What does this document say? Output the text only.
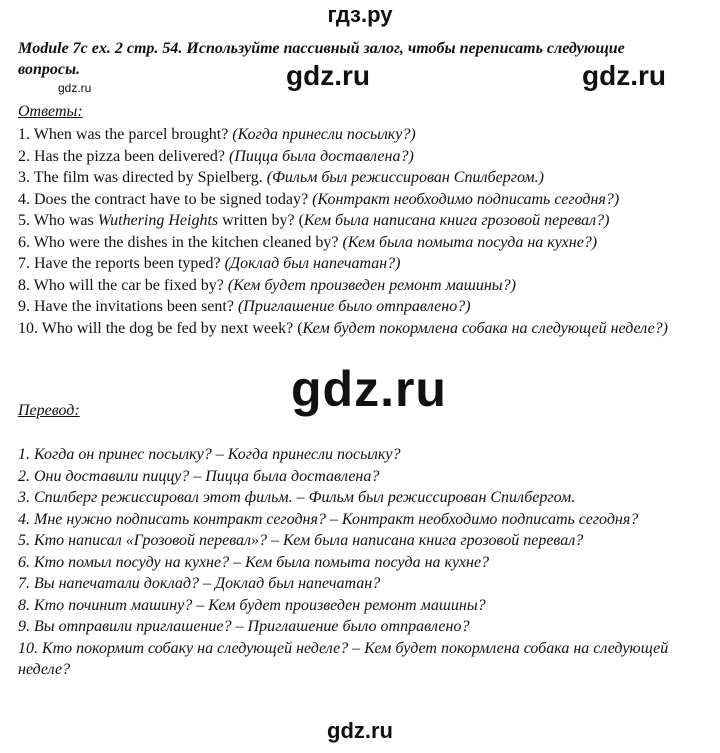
гдз.ру
Module 7c ex. 2 стр. 54. Используйте пассивный залог, чтобы переписать следующие вопросы.
gdz.ru	gdz.ru	gdz.ru
Ответы:
1. When was the parcel brought? (Когда принесли посылку?)
2. Has the pizza been delivered? (Пицца была доставлена?)
3. The film was directed by Spielberg. (Фильм был режиссирован Спилбергом.)
4. Does the contract have to be signed today? (Контракт необходимо подписать сегодня?)
5. Who was Wuthering Heights written by? (Кем была написана книга грозовой перевал?)
6. Who were the dishes in the kitchen cleaned by? (Кем была помыта посуда на кухне?)
7. Have the reports been typed? (Доклад был напечатан?)
8. Who will the car be fixed by? (Кем будет произведен ремонт машины?)
9. Have the invitations been sent? (Приглашение было отправлено?)
10. Who will the dog be fed by next week? (Кем будет покормлена собака на следующей неделе?)
gdz.ru
Перевод:
1. Когда он принес посылку? – Когда принесли посылку?
2. Они доставили пиццу? – Пицца была доставлена?
3. Спилберг режиссировал этот фильм. – Фильм был режиссирован Спилбергом.
4. Мне нужно подписать контракт сегодня? – Контракт необходимо подписать сегодня?
5. Кто написал «Грозовой перевал»? – Кем была написана книга грозовой перевал?
6. Кто помыл посуду на кухне? – Кем была помыта посуда на кухне?
7. Вы напечатали доклад? – Доклад был напечатан?
8. Кто починит машину? – Кем будет произведен ремонт машины?
9. Вы отправили приглашение? – Приглашение было отправлено?
10. Кто покормит собаку на следующей неделе? – Кем будет покормлена собака на следующей неделе?
gdz.ru
